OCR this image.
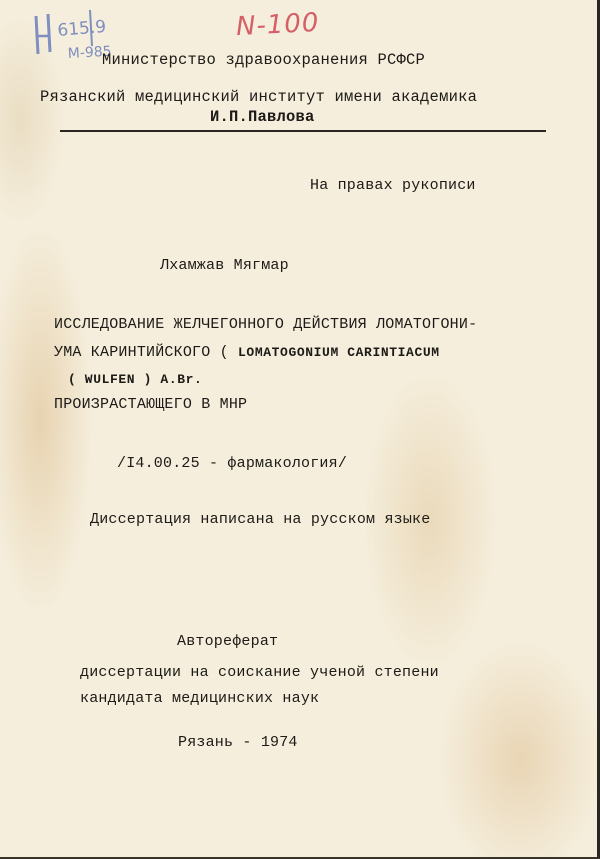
615.9
M-985
N-100
Министерство здравоохранения РСФСР
Рязанский медицинский институт имени академика
И.П.Павлова
На правах рукописи
Лхамжав Мягмар
ИССЛЕДОВАНИЕ ЖЕЛЧЕГОННОГО ДЕЙСТВИЯ ЛОМАТОГОНИ-
УМА КАРИНТИЙСКОГО ( LOMATOGONIUM CARINTIACUM
( WULFEN ) A.Br.
ПРОИЗРАСТАЮЩЕГО В МНР
/I4.00.25 - фармакология/
Диссертация написана на русском языке
Автореферат
диссертации на соискание ученой степени
кандидата медицинских наук
Рязань - 1974
